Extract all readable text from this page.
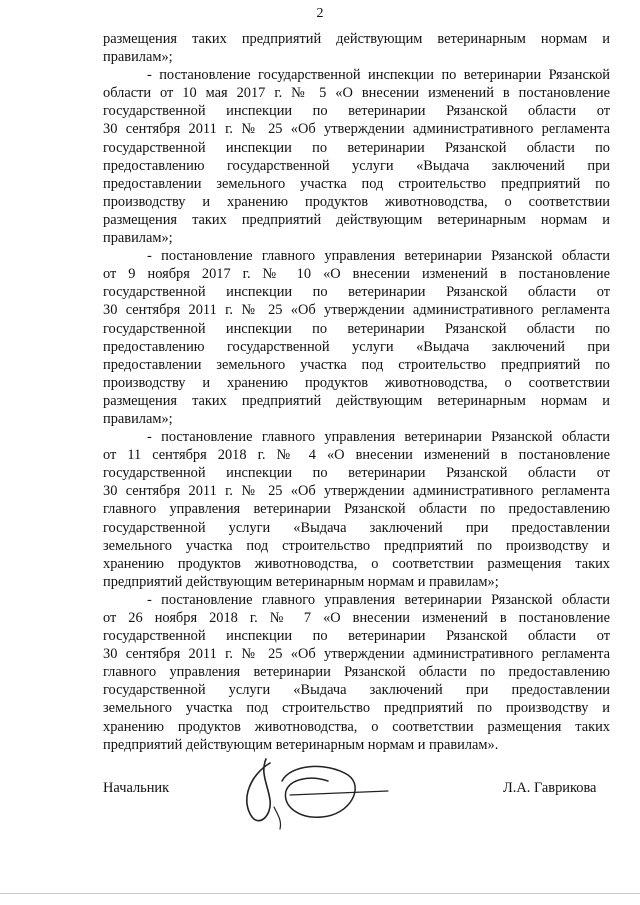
2
размещения таких предприятий действующим ветеринарным нормам и
правилам»;
- постановление государственной инспекции по ветеринарии Рязанской
области от 10 мая 2017 г. № 5 «О внесении изменений в постановление
государственной инспекции по ветеринарии Рязанской области от
30 сентября 2011 г. № 25 «Об утверждении административного регламента
государственной инспекции по ветеринарии Рязанской области по
предоставлению государственной услуги «Выдача заключений при
предоставлении земельного участка под строительство предприятий по
производству и хранению продуктов животноводства, о соответствии
размещения таких предприятий действующим ветеринарным нормам и
правилам»;
- постановление главного управления ветеринарии Рязанской области
от 9 ноября 2017 г. № 10 «О внесении изменений в постановление
государственной инспекции по ветеринарии Рязанской области от
30 сентября 2011 г. № 25 «Об утверждении административного регламента
государственной инспекции по ветеринарии Рязанской области по
предоставлению государственной услуги «Выдача заключений при
предоставлении земельного участка под строительство предприятий по
производству и хранению продуктов животноводства, о соответствии
размещения таких предприятий действующим ветеринарным нормам и
правилам»;
- постановление главного управления ветеринарии Рязанской области
от 11 сентября 2018 г. № 4 «О внесении изменений в постановление
государственной инспекции по ветеринарии Рязанской области от
30 сентября 2011 г. № 25 «Об утверждении административного регламента
главного управления ветеринарии Рязанской области по предоставлению
государственной услуги «Выдача заключений при предоставлении
земельного участка под строительство предприятий по производству и
хранению продуктов животноводства, о соответствии размещения таких
предприятий действующим ветеринарным нормам и правилам»;
- постановление главного управления ветеринарии Рязанской области
от 26 ноября 2018 г. № 7 «О внесении изменений в постановление
государственной инспекции по ветеринарии Рязанской области от
30 сентября 2011 г. № 25 «Об утверждении административного регламента
главного управления ветеринарии Рязанской области по предоставлению
государственной услуги «Выдача заключений при предоставлении
земельного участка под строительство предприятий по производству и
хранению продуктов животноводства, о соответствии размещения таких
предприятий действующим ветеринарным нормам и правилам».
Начальник	Л.А. Гаврикова
